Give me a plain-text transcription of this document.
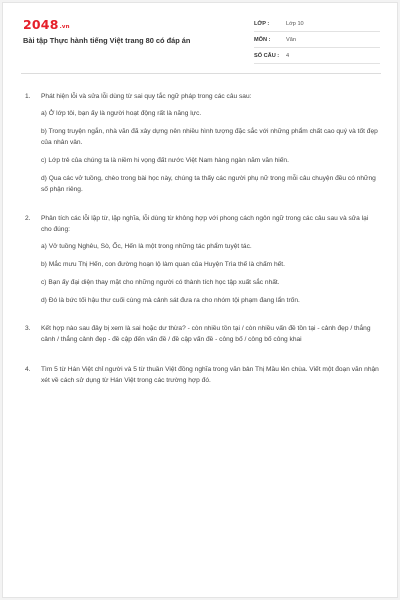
2048.vn
Bài tập Thực hành tiếng Việt trang 80 có đáp án
LỚP :	Lớp 10
MÔN :	Văn
SỐ CÂU :	4
1. Phát hiện lỗi và sửa lỗi dùng từ sai quy tắc ngữ pháp trong các câu sau:

a) Ở lớp tôi, bạn ấy là người hoạt động rất là năng lực.

b) Trong truyện ngắn, nhà văn đã xây dựng nên nhiều hình tượng đặc sắc với những phẩm chất cao quý và tốt đẹp của nhân vân.

c) Lớp trẻ của chúng ta là niềm hi vọng đất nước Việt Nam hàng ngàn năm văn hiến.

d) Qua các vở tuồng, chèo trong bài học này, chúng ta thấy các người phụ nữ trong mỗi câu chuyện đều có những số phận riêng.

2. Phân tích các lỗi lặp từ, lặp nghĩa, lỗi dùng từ không hợp với phong cách ngôn ngữ trong các câu sau và sửa lại cho đúng:

a) Vở tuồng Nghêu, Sò, Ốc, Hến là một trong những tác phẩm tuyệt tác.

b) Mắc mưu Thị Hến, con đường hoạn lộ làm quan của Huyện Trìa thế là chấm hết.

c) Bạn ấy đại diện thay mặt cho những người có thành tích học tập xuất sắc nhất.

d) Đó là bức tối hậu thư cuối cùng mà cảnh sát đưa ra cho nhóm tội phạm đang lẩn trốn.

3. Kết hợp nào sau đây bị xem là sai hoặc dư thừa? - còn nhiều tồn tại / còn nhiều vấn đề tồn tại - cảnh đẹp / thắng cảnh / thắng cảnh đẹp - đề cập đến vấn đề / đề cập vấn đề - công bố / công bố công khai

4. Tìm 5 từ Hán Việt chỉ người và 5 từ thuần Việt đồng nghĩa trong văn bản Thị Mầu lên chùa. Viết một đoạn văn nhận xét về cách sử dụng từ Hán Việt trong các trường hợp đó.
